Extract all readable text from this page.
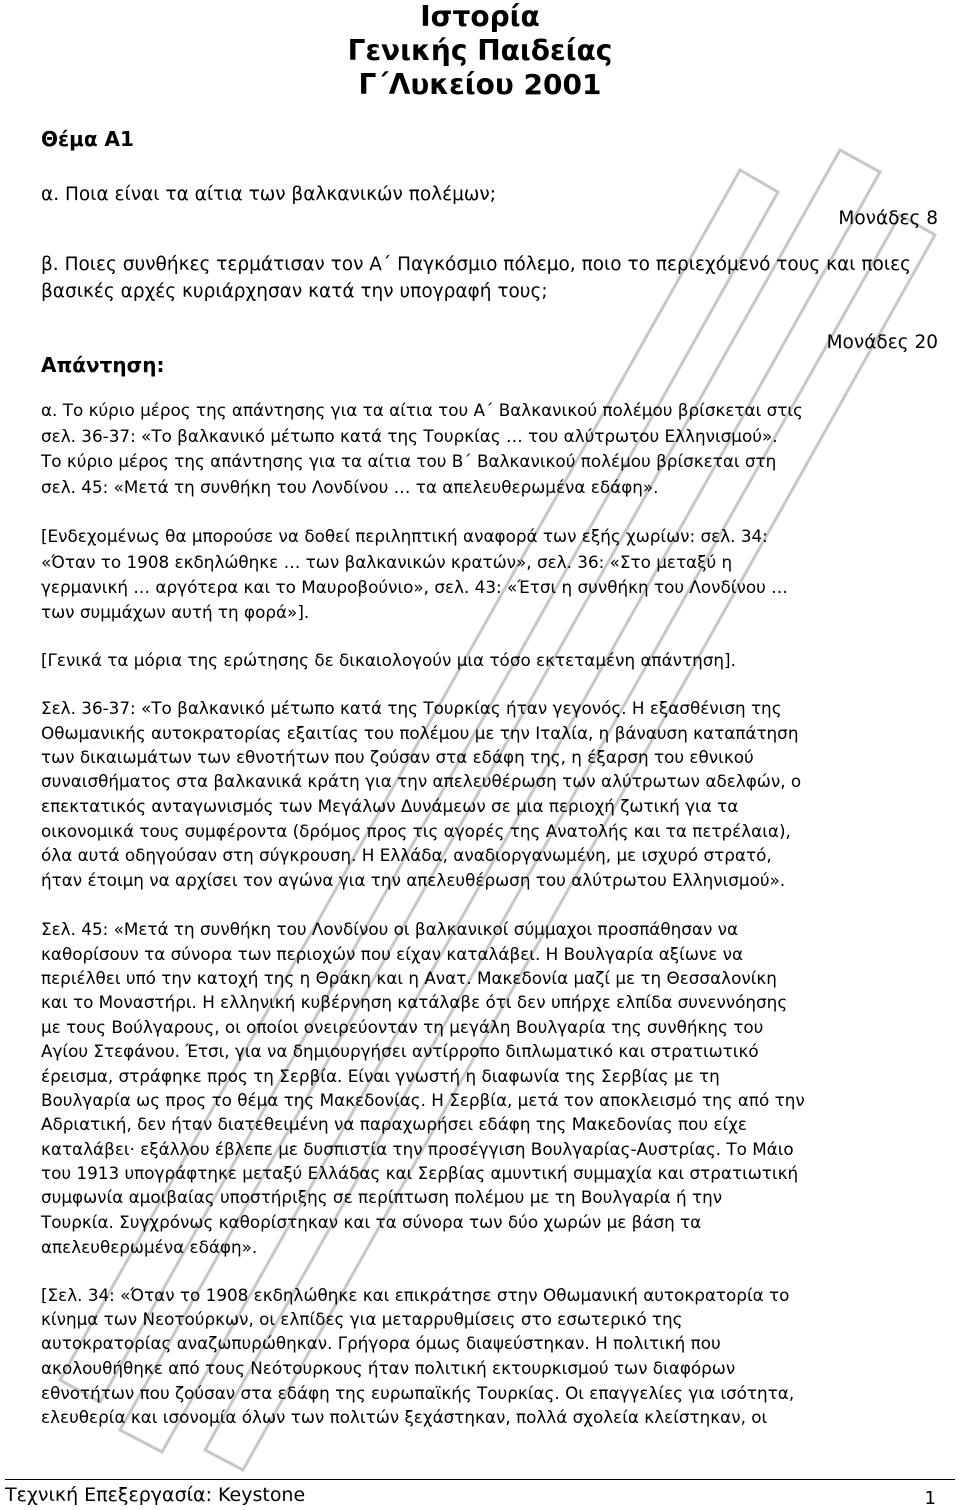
Ιστορία
Γενικής Παιδείας
Γ΄Λυκείου 2001
Θέμα Α1
α. Ποια είναι τα αίτια των βαλκανικών πολέμων;
Μονάδες 8
β. Ποιες συνθήκες τερμάτισαν τον Α΄ Παγκόσμιο πόλεμο, ποιο το περιεχόμενό τους και ποιες βασικές αρχές κυριάρχησαν κατά την υπογραφή τους;
Μονάδες 20
Απάντηση:
α. Το κύριο μέρος της απάντησης για τα αίτια του Α΄ Βαλκανικού πολέμου βρίσκεται στις
σελ. 36-37: «Το βαλκανικό μέτωπο κατά της Τουρκίας … του αλύτρωτου Ελληνισμού».
Το κύριο μέρος της απάντησης για τα αίτια του Β΄ Βαλκανικού πολέμου βρίσκεται στη
σελ. 45: «Μετά τη συνθήκη του Λονδίνου … τα απελευθερωμένα εδάφη».
[Ενδεχομένως θα μπορούσε να δοθεί περιληπτική αναφορά των εξής χωρίων: σελ. 34:
«Όταν το 1908 εκδηλώθηκε … των βαλκανικών κρατών», σελ. 36: «Στο μεταξύ η
γερμανική … αργότερα και το Μαυροβούνιο», σελ. 43: «Έτσι η συνθήκη του Λονδίνου …
των συμμάχων αυτή τη φορά»].
[Γενικά τα μόρια της ερώτησης δε δικαιολογούν μια τόσο εκτεταμένη απάντηση].
Σελ. 36-37: «Το βαλκανικό μέτωπο κατά της Τουρκίας ήταν γεγονός. Η εξασθένιση της
Οθωμανικής αυτοκρατορίας εξαιτίας του πολέμου με την Ιταλία, η βάναυση καταπάτηση
των δικαιωμάτων των εθνοτήτων που ζούσαν στα εδάφη της, η έξαρση του εθνικού
συναισθήματος στα βαλκανικά κράτη για την απελευθέρωση των αλύτρωτων αδελφών, ο
επεκτατικός ανταγωνισμός των Μεγάλων Δυνάμεων σε μια περιοχή ζωτική για τα
οικονομικά τους συμφέροντα (δρόμος προς τις αγορές της Ανατολής και τα πετρέλαια),
όλα αυτά οδηγούσαν στη σύγκρουση. Η Ελλάδα, αναδιοργανωμένη, με ισχυρό στρατό,
ήταν έτοιμη να αρχίσει τον αγώνα για την απελευθέρωση του αλύτρωτου Ελληνισμού».
Σελ. 45: «Μετά τη συνθήκη του Λονδίνου οι βαλκανικοί σύμμαχοι προσπάθησαν να
καθορίσουν τα σύνορα των περιοχών που είχαν καταλάβει. Η Βουλγαρία αξίωνε να
περιέλθει υπό την κατοχή της η Θράκη και η Ανατ. Μακεδονία μαζί με τη Θεσσαλονίκη
και το Μοναστήρι. Η ελληνική κυβέρνηση κατάλαβε ότι δεν υπήρχε ελπίδα συνεννόησης
με τους Βούλγαρους, οι οποίοι ονειρεύονταν τη μεγάλη Βουλγαρία της συνθήκης του
Αγίου Στεφάνου. Έτσι, για να δημιουργήσει αντίρροπο διπλωματικό και στρατιωτικό
έρεισμα, στράφηκε προς τη Σερβία. Είναι γνωστή η διαφωνία της Σερβίας με τη
Βουλγαρία ως προς το θέμα της Μακεδονίας. Η Σερβία, μετά τον αποκλεισμό της από την
Αδριατική, δεν ήταν διατεθειμένη να παραχωρήσει εδάφη της Μακεδονίας που είχε
καταλάβει· εξάλλου έβλεπε με δυσπιστία την προσέγγιση Βουλγαρίας-Αυστρίας. Το Μάιο
του 1913 υπογράφτηκε μεταξύ Ελλάδας και Σερβίας αμυντική συμμαχία και στρατιωτική
συμφωνία αμοιβαίας υποστήριξης σε περίπτωση πολέμου με τη Βουλγαρία ή την
Τουρκία. Συγχρόνως καθορίστηκαν και τα σύνορα των δύο χωρών με βάση τα
απελευθερωμένα εδάφη».
[Σελ. 34: «Όταν το 1908 εκδηλώθηκε και επικράτησε στην Οθωμανική αυτοκρατορία το
κίνημα των Νεοτούρκων, οι ελπίδες για μεταρρυθμίσεις στο εσωτερικό της
αυτοκρατορίας αναζωπυρώθηκαν. Γρήγορα όμως διαψεύστηκαν. Η πολιτική που
ακολουθήθηκε από τους Νεότουρκους ήταν πολιτική εκτουρκισμού των διαφόρων
εθνοτήτων που ζούσαν στα εδάφη της ευρωπαϊκής Τουρκίας. Οι επαγγελίες για ισότητα,
ελευθερία και ισονομία όλων των πολιτών ξεχάστηκαν, πολλά σχολεία κλείστηκαν, οι
Τεχνική Επεξεργασία: Keystone	1
